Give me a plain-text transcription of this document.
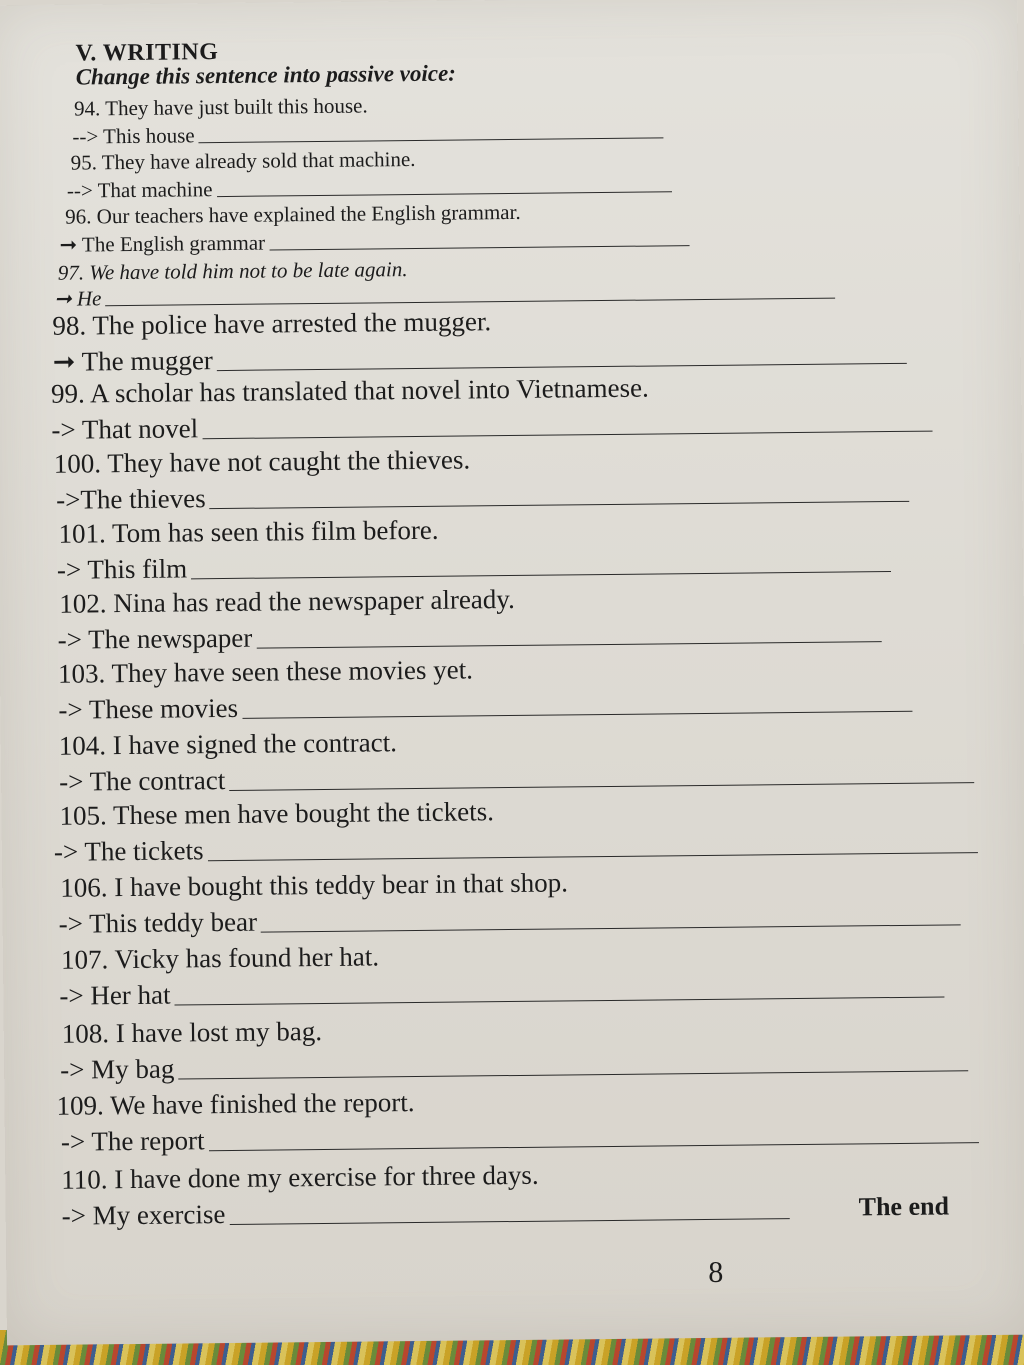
V. WRITING
Change this sentence into passive voice:
94. They have just built this house.
--> This house
95. They have already sold that machine.
--> That machine
96. Our teachers have explained the English grammar.
➞ The English grammar
97. We have told him not to be late again.
➞ He
98. The police have arrested the mugger.
➞ The mugger
99. A scholar has translated that novel into Vietnamese.
-> That novel
100. They have not caught the thieves.
->The thieves
101. Tom has seen this film before.
-> This film
102. Nina has read the newspaper already.
-> The newspaper
103. They have seen these movies yet.
-> These movies
104. I have signed the contract.
-> The contract
105. These men have bought the tickets.
-> The tickets
106. I have bought this teddy bear in that shop.
-> This teddy bear
107. Vicky has found her hat.
-> Her hat
108. I have lost my bag.
-> My bag
109. We have finished the report.
-> The report
110. I have done my exercise for three days.
-> My exercise	The end
8
